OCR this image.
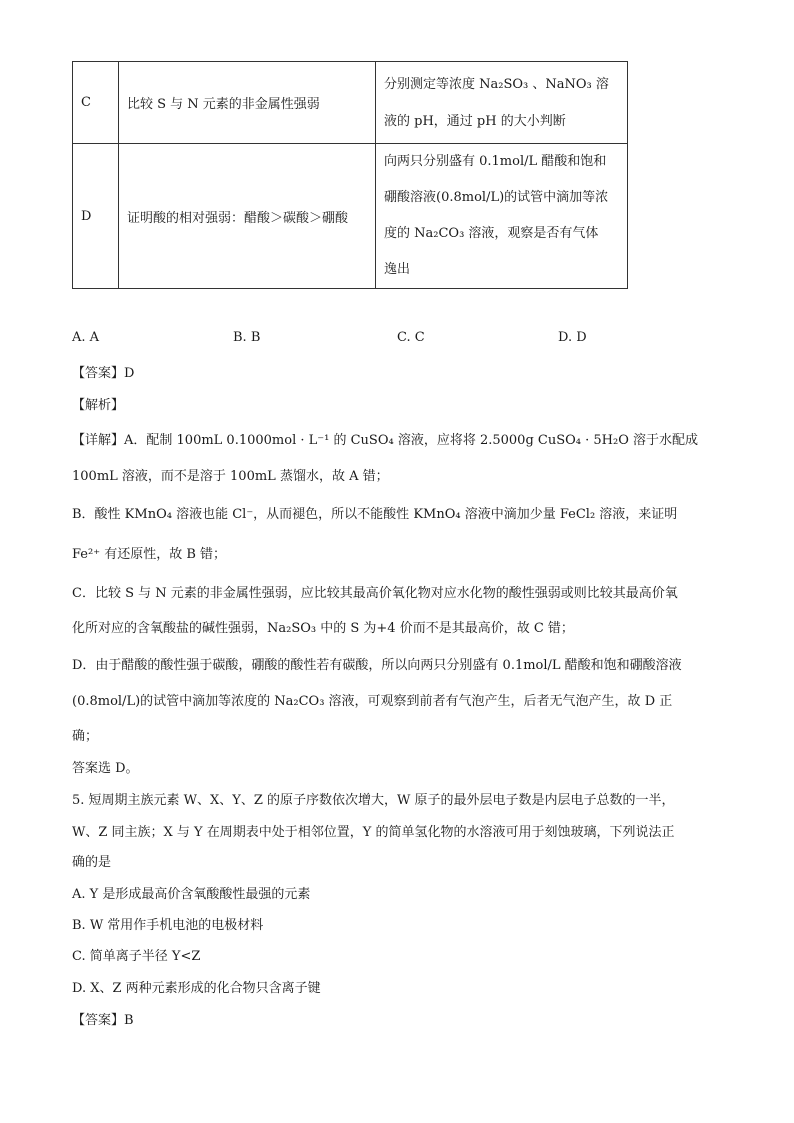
C	比较 S 与 N 元素的非金属性强弱	分别测定等浓度 Na₂SO₃ 、NaNO₃ 溶
液的 pH，通过 pH 的大小判断

D	证明酸的相对强弱：醋酸＞碳酸＞硼酸	向两只分别盛有 0.1mol/L 醋酸和饱和
硼酸溶液(0.8mol/L)的试管中滴加等浓
度的 Na₂CO₃ 溶液，观察是否有气体
逸出
A. A	B. B	C. C	D. D
【答案】D
【解析】
【详解】A．配制 100mL 0.1000mol · L⁻¹ 的 CuSO₄ 溶液，应将将 2.5000g CuSO₄ · 5H₂O 溶于水配成
100mL 溶液，而不是溶于 100mL 蒸馏水，故 A 错；
B．酸性 KMnO₄ 溶液也能 Cl⁻，从而褪色，所以不能酸性 KMnO₄ 溶液中滴加少量 FeCl₂ 溶液，来证明
Fe²⁺ 有还原性，故 B 错；
C．比较 S 与 N 元素的非金属性强弱，应比较其最高价氧化物对应水化物的酸性强弱或则比较其最高价氧
化所对应的含氧酸盐的碱性强弱，Na₂SO₃ 中的 S 为+4 价而不是其最高价，故 C 错；
D．由于醋酸的酸性强于碳酸，硼酸的酸性若有碳酸，所以向两只分别盛有 0.1mol/L 醋酸和饱和硼酸溶液
(0.8mol/L)的试管中滴加等浓度的 Na₂CO₃ 溶液，可观察到前者有气泡产生，后者无气泡产生，故 D 正
确；
答案选 D。
5. 短周期主族元素 W、X、Y、Z 的原子序数依次增大，W 原子的最外层电子数是内层电子总数的一半，
W、Z 同主族；X 与 Y 在周期表中处于相邻位置，Y 的简单氢化物的水溶液可用于刻蚀玻璃，下列说法正
确的是
A. Y 是形成最高价含氧酸酸性最强的元素
B. W 常用作手机电池的电极材料
C. 简单离子半径 Y<Z
D. X、Z 两种元素形成的化合物只含离子键
【答案】B
